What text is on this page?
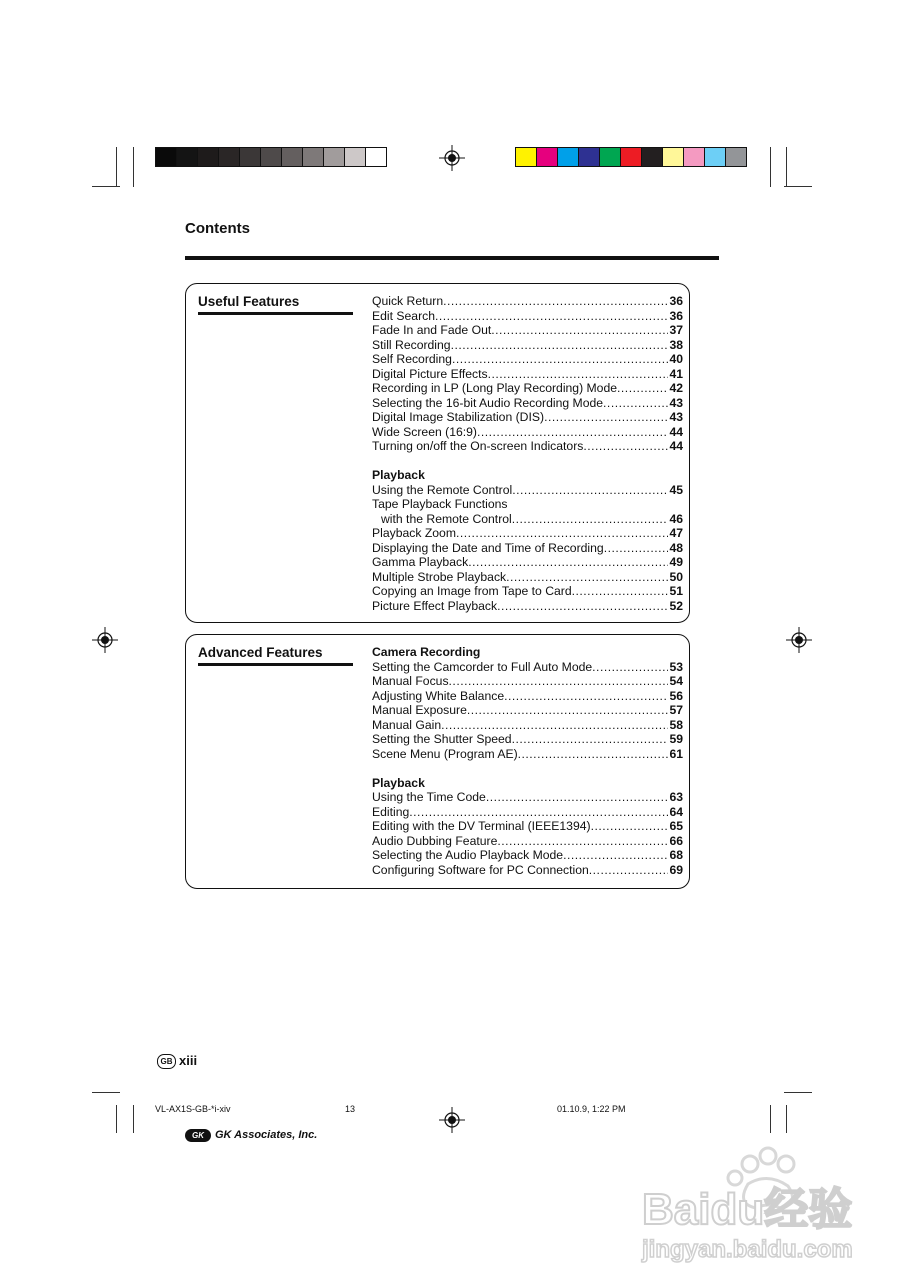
Contents
Useful Features	Quick Return .....	36
Edit Search .....	36
Fade In and Fade Out .....	37
Still Recording .....	38
Self Recording .....	40
Digital Picture Effects .....	41
Recording in LP (Long Play Recording) Mode .....	42
Selecting the 16-bit Audio Recording Mode .....	43
Digital Image Stabilization (DIS) .....	43
Wide Screen (16:9) .....	44
Turning on/off the On-screen Indicators .....	44
Playback
Using the Remote Control .....	45
Tape Playback Functions
with the Remote Control .....	46
Playback Zoom .....	47
Displaying the Date and Time of Recording .....	48
Gamma Playback .....	49
Multiple Strobe Playback .....	50
Copying an Image from Tape to Card .....	51
Picture Effect Playback .....	52
Advanced Features	Camera Recording
Setting the Camcorder to Full Auto Mode .....	53
Manual Focus .....	54
Adjusting White Balance .....	56
Manual Exposure .....	57
Manual Gain .....	58
Setting the Shutter Speed .....	59
Scene Menu (Program AE) .....	61
Playback
Using the Time Code .....	63
Editing .....	64
Editing with the DV Terminal (IEEE1394) .....	65
Audio Dubbing Feature .....	66
Selecting the Audio Playback Mode .....	68
Configuring Software for PC Connection .....	69
GB xiii
VL-AX1S-GB-*i-xiv	13	01.10.9, 1:22 PM
GK	GK Associates, Inc.
Baidu经验
jingyan.baidu.com
